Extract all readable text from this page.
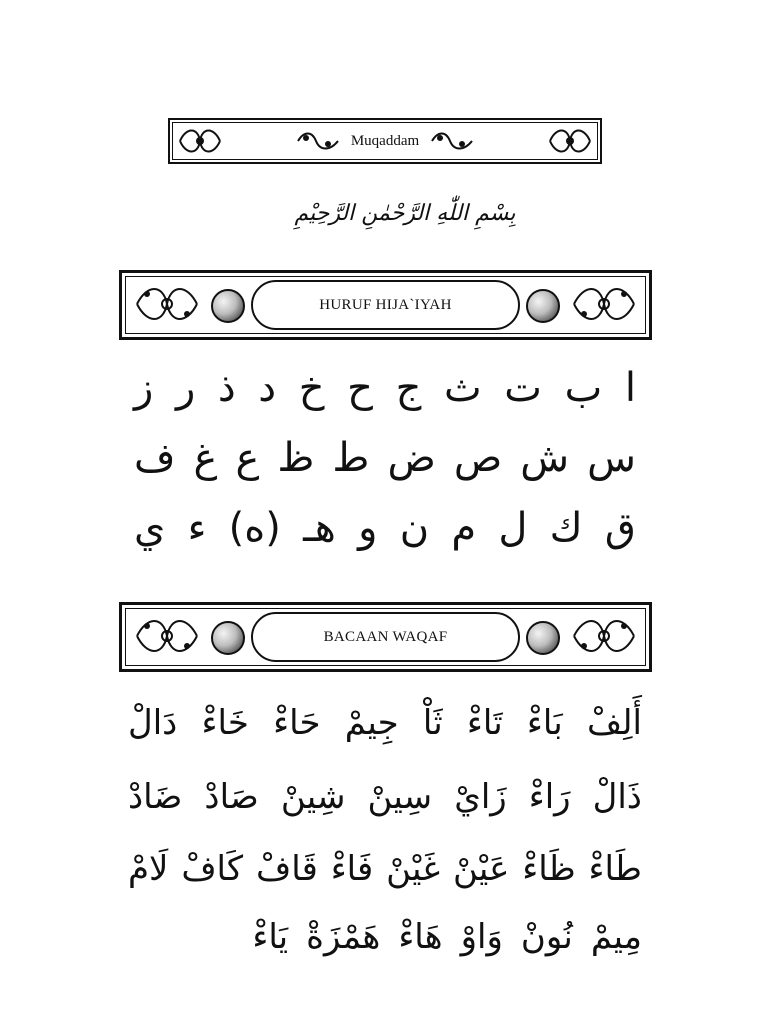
Muqaddam
بِسْمِ اللّٰهِ الرَّحْمٰنِ الرَّحِيْمِ
HURUF HIJA`IYAH
ا
ب
ت
ث
ج
ح
خ
د
ذ
ر
ز
س
ش
ص
ض
ط
ظ
ع
غ
ف
ق
ك
ل
م
ن
و
هـ
(ه)
ء
ي
BACAAN WAQAF
أَلِفْ
بَاءْ
تَاءْ
ثَاْ
جِيمْ
حَاءْ
خَاءْ
دَالْ
ذَالْ
رَاءْ
زَايْ
سِينْ
شِينْ
صَادْ
ضَادْ
طَاءْ
ظَاءْ
عَيْنْ
غَيْنْ
فَاءْ
قَافْ
كَافْ
لَامْ
مِيمْ
نُونْ
وَاوْ
هَاءْ
هَمْزَةْ
يَاءْ
